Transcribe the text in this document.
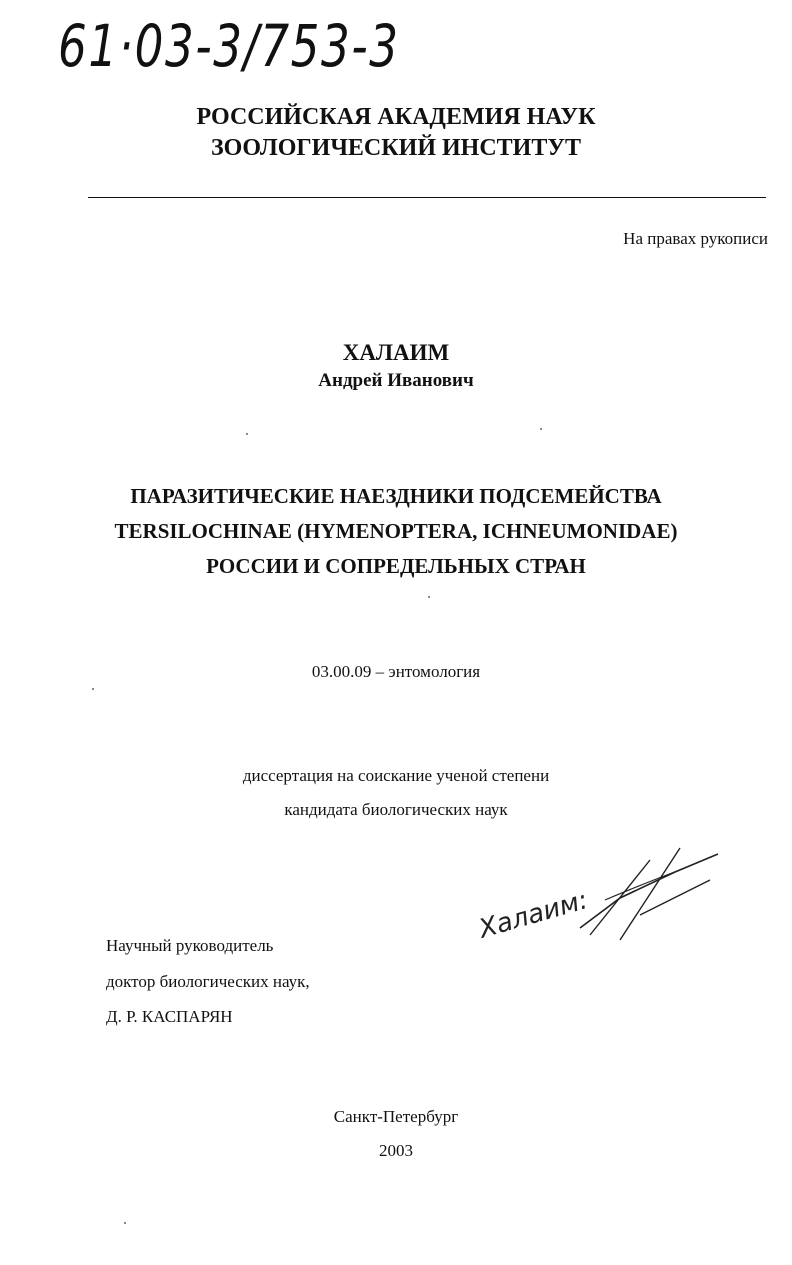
61·03-3/753-3
РОССИЙСКАЯ АКАДЕМИЯ НАУК
ЗООЛОГИЧЕСКИЙ ИНСТИТУТ
На правах рукописи
ХАЛАИМ
Андрей Иванович
ПАРАЗИТИЧЕСКИЕ НАЕЗДНИКИ ПОДСЕМЕЙСТВА
TERSILOCHINAE (HYMENOPTERA, ICHNEUMONIDAE)
РОССИИ И СОПРЕДЕЛЬНЫХ СТРАН
03.00.09 – энтомология
диссертация на соискание ученой степени
кандидата биологических наук
Халаим:
Научный руководитель
доктор биологических наук,
Д. Р. КАСПАРЯН
Санкт-Петербург
2003
